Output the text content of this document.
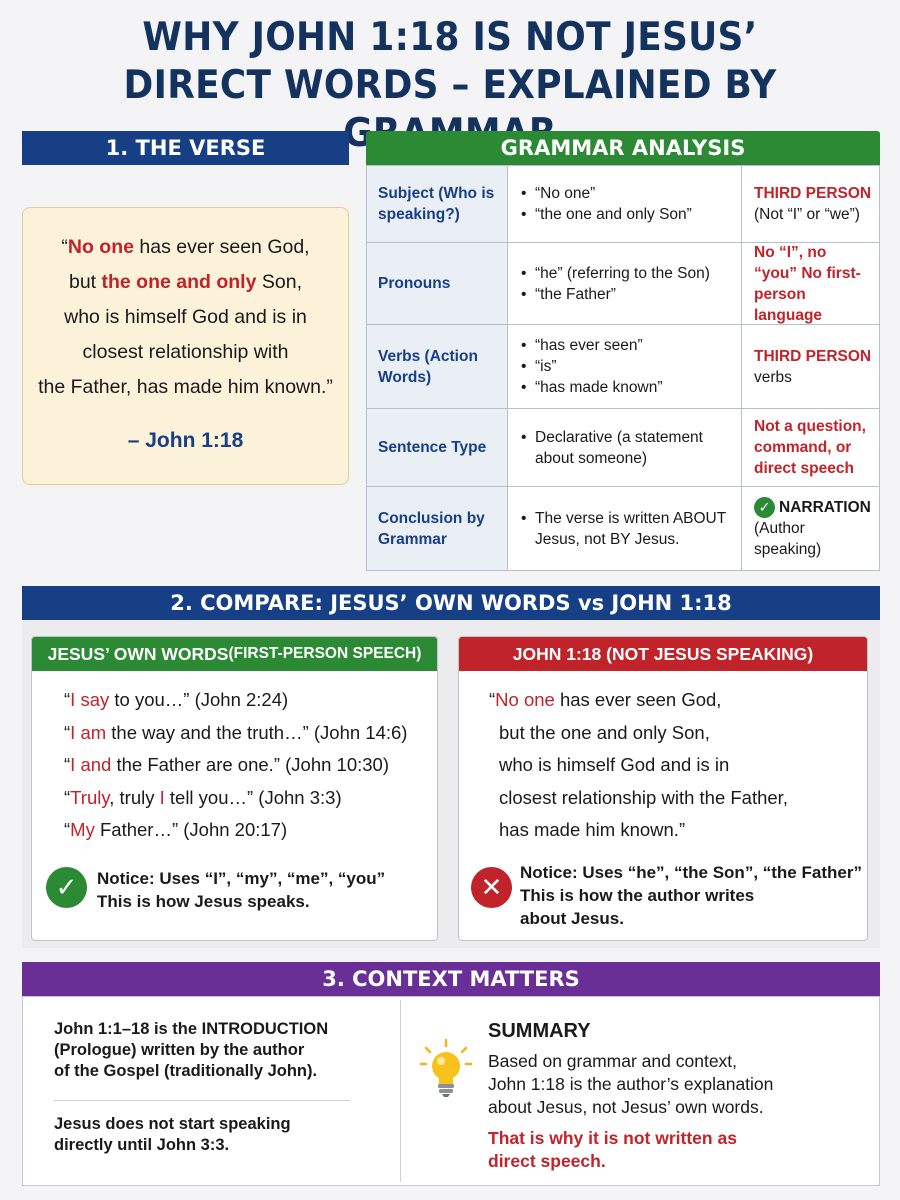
WHY JOHN 1:18 IS NOT JESUS’
DIRECT WORDS – EXPLAINED BY
1. THE VERSE
“No one has ever seen God,
but the one and only Son,
who is himself God and is in
closest relationship with
the Father, has made him known.”
– John 1:18
GRAMMAR ANALYSIS
Subject (Who is speaking?)
• “No one”
• “the one and only Son”
THIRD PERSON
(Not “I” or “we”)
Pronouns
• “he” (referring to the Son)
• “the Father”
No “I”, no “you” No first-person language
Verbs (Action Words)
• “has ever seen”
• “is”
• “has made known”
THIRD PERSON
verbs
Sentence Type
• Declarative (a statement about someone)
Not a question, command, or direct speech
Conclusion by Grammar
• The verse is written ABOUT Jesus, not BY Jesus.
✓ NARRATION
(Author speaking)
2. COMPARE: JESUS’ OWN WORDS vs JOHN 1:18
JESUS’ OWN WORDS (FIRST-PERSON SPEECH)
“I say to you…” (John 2:24)
“I am the way and the truth…” (John 14:6)
“I and the Father are one.” (John 10:30)
“Truly, truly I tell you…” (John 3:3)
“My Father…” (John 20:17)
✓	Notice: Uses “I”, “my”, “me”, “you”
This is how Jesus speaks.
JOHN 1:18 (NOT JESUS SPEAKING)
“No one has ever seen God,
but the one and only Son,
who is himself God and is in
closest relationship with the Father,
has made him known.”
✕	Notice: Uses “he”, “the Son”, “the Father”
This is how the author writes
about Jesus.
3. CONTEXT MATTERS
John 1:1–18 is the INTRODUCTION
(Prologue) written by the author
of the Gospel (traditionally John).
Jesus does not start speaking
directly until John 3:3.
SUMMARY
Based on grammar and context,
John 1:18 is the author’s explanation
about Jesus, not Jesus’ own words.
That is why it is not written as
direct speech.
